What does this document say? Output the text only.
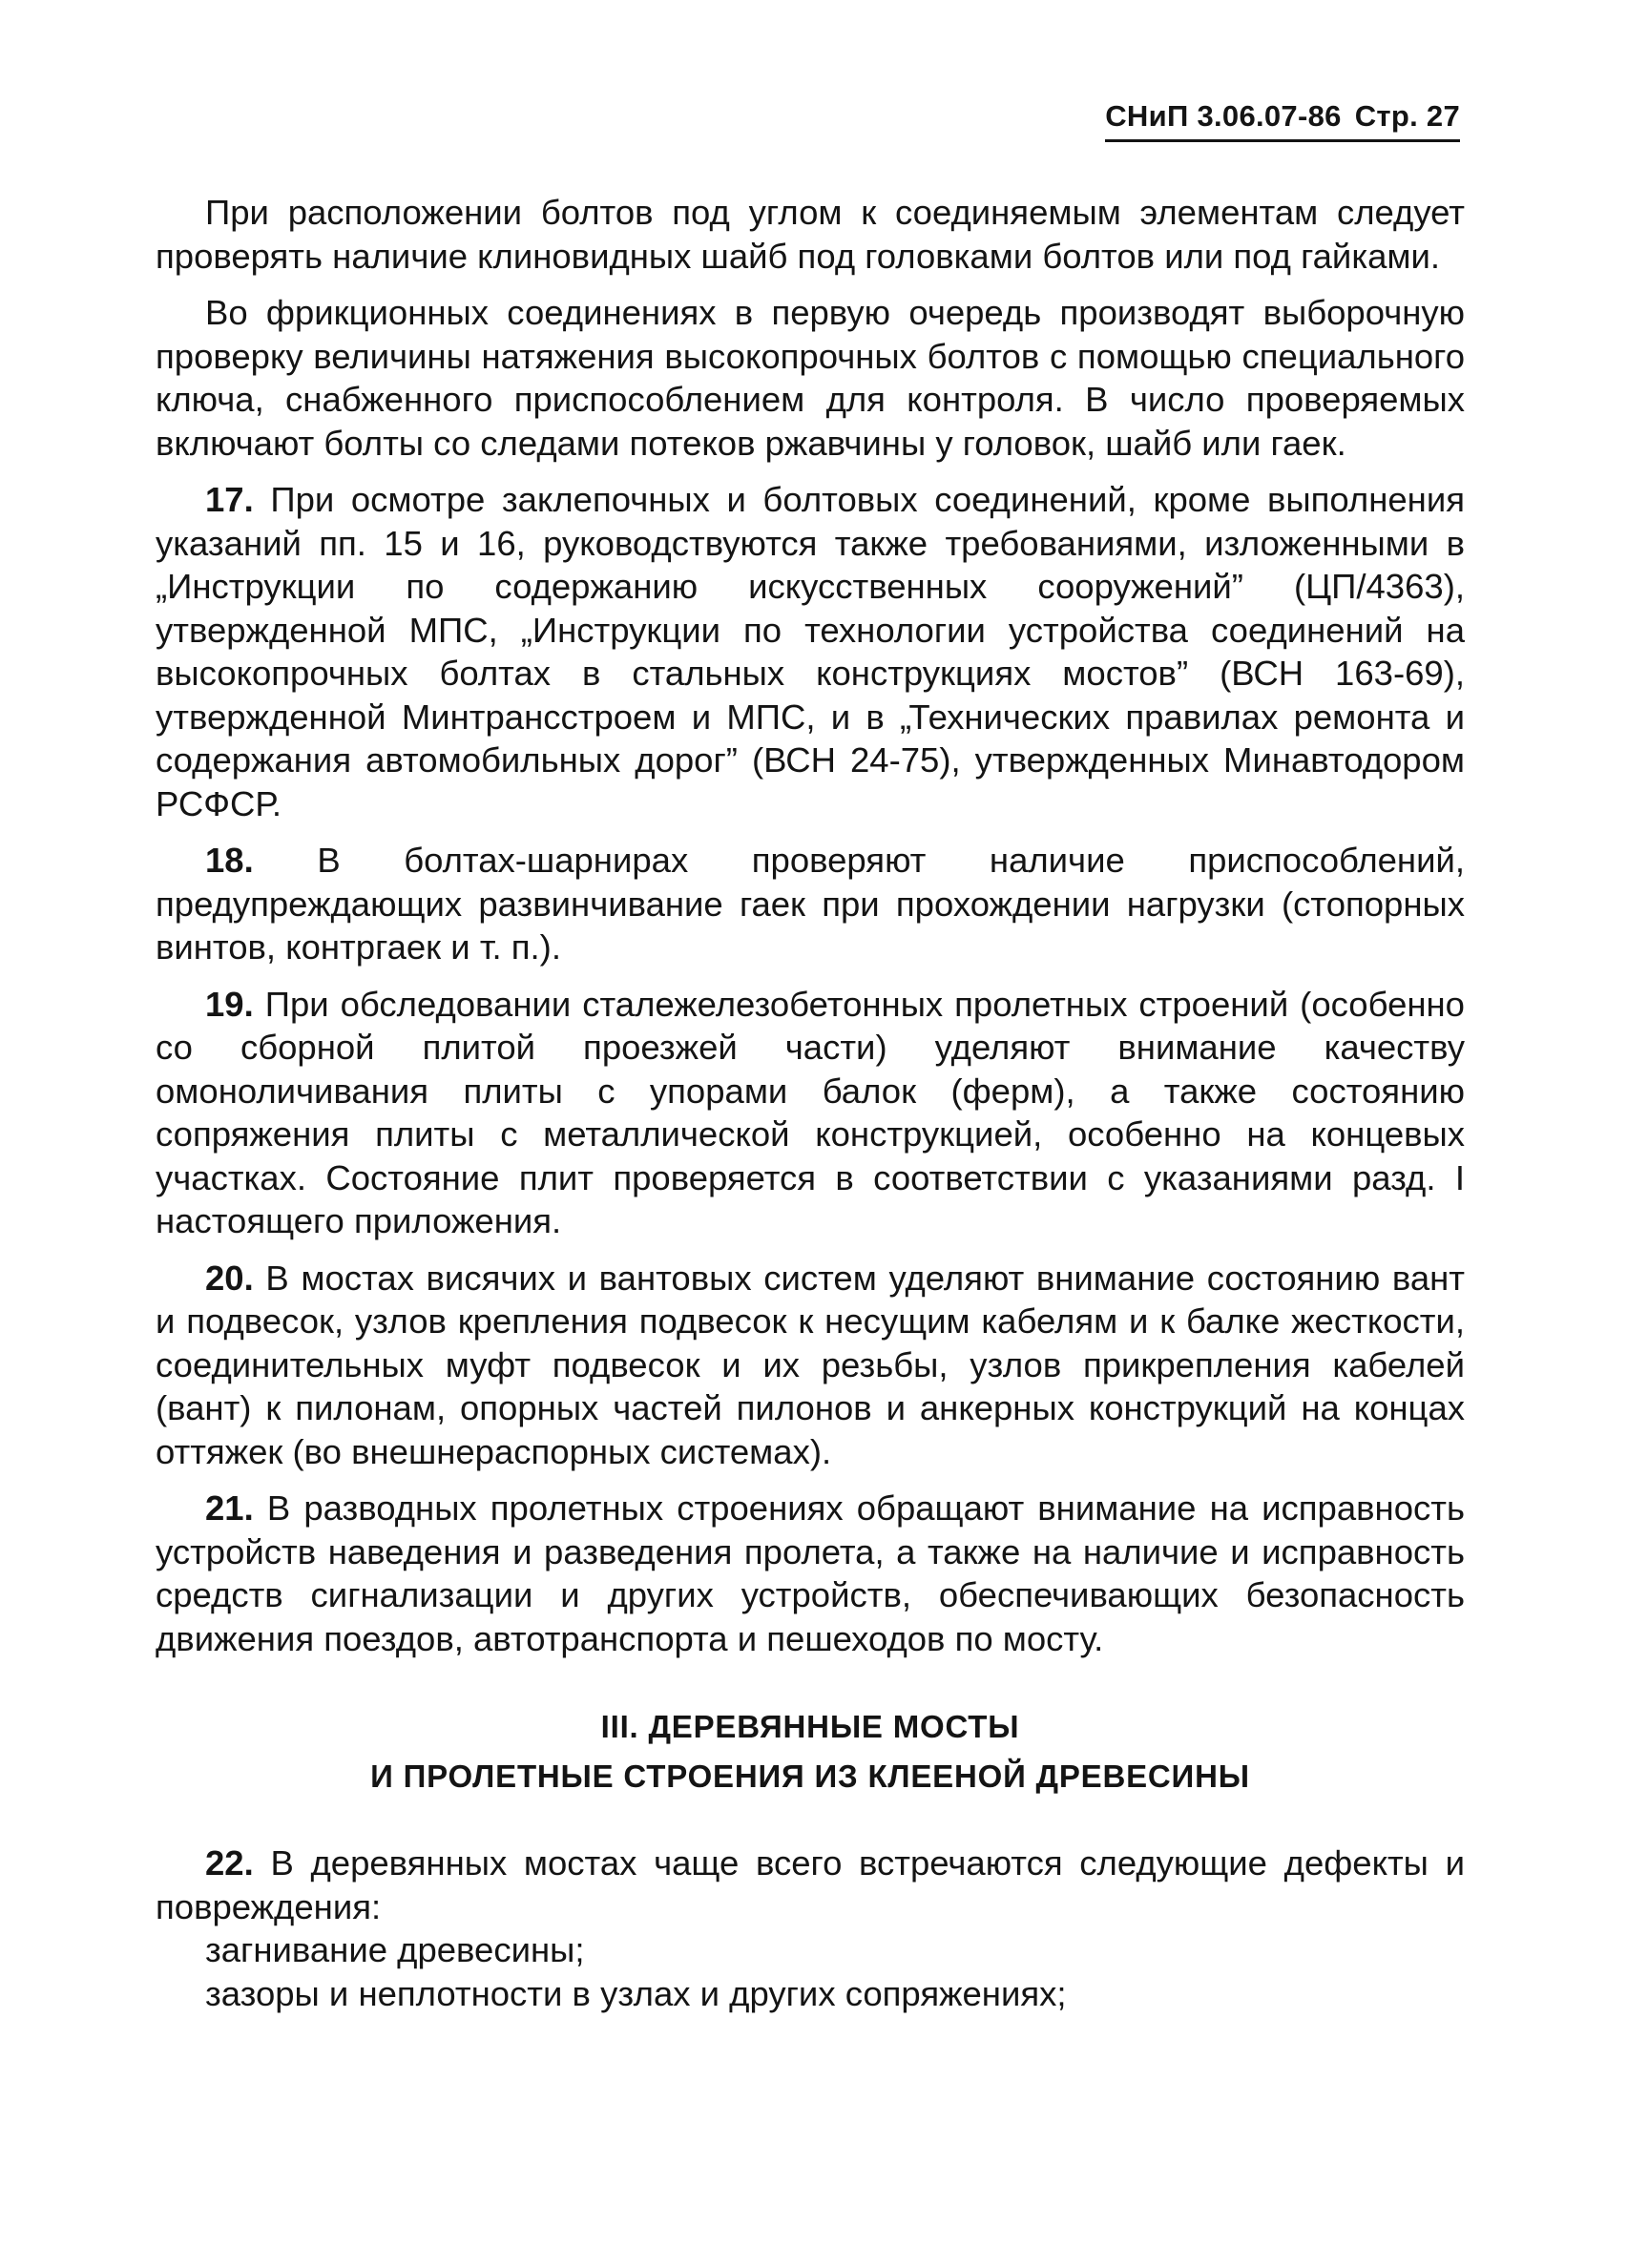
СНиП 3.06.07-86 Стр. 27

При расположении болтов под углом к соединяемым элементам следует проверять наличие клиновидных шайб под головками болтов или под гайками.

Во фрикционных соединениях в первую очередь производят выборочную проверку величины натяжения высокопрочных болтов с помощью специального ключа, снабженного приспособлением для контроля. В число проверяемых включают болты со следами потеков ржавчины у головок, шайб или гаек.

17. При осмотре заклепочных и болтовых соединений, кроме выполнения указаний пп. 15 и 16, руководствуются также требованиями, изложенными в „Инструкции по содержанию искусственных сооружений” (ЦП/4363), утвержденной МПС, „Инструкции по технологии устройства соединений на высокопрочных болтах в стальных конструкциях мостов” (ВСН 163-69), утвержденной Минтрансстроем и МПС, и в „Технических правилах ремонта и содержания автомобильных дорог” (ВСН 24-75), утвержденных Минавтодором РСФСР.

18. В болтах-шарнирах проверяют наличие приспособлений, предупреждающих развинчивание гаек при прохождении нагрузки (стопорных винтов, контргаек и т. п.).

19. При обследовании сталежелезобетонных пролетных строений (особенно со сборной плитой проезжей части) уделяют внимание качеству омоноличивания плиты с упорами балок (ферм), а также состоянию сопряжения плиты с металлической конструкцией, особенно на концевых участках. Состояние плит проверяется в соответствии с указаниями разд. I настоящего приложения.

20. В мостах висячих и вантовых систем уделяют внимание состоянию вант и подвесок, узлов крепления подвесок к несущим кабелям и к балке жесткости, соединительных муфт подвесок и их резьбы, узлов прикрепления кабелей (вант) к пилонам, опорных частей пилонов и анкерных конструкций на концах оттяжек (во внешнераспорных системах).

21. В разводных пролетных строениях обращают внимание на исправность устройств наведения и разведения пролета, а также на наличие и исправность средств сигнализации и других устройств, обеспечивающих безопасность движения поездов, автотранспорта и пешеходов по мосту.

III. ДЕРЕВЯННЫЕ МОСТЫ
И ПРОЛЕТНЫЕ СТРОЕНИЯ ИЗ КЛЕЕНОЙ ДРЕВЕСИНЫ

22. В деревянных мостах чаще всего встречаются следующие дефекты и повреждения:

загнивание древесины;

зазоры и неплотности в узлах и других сопряжениях;
